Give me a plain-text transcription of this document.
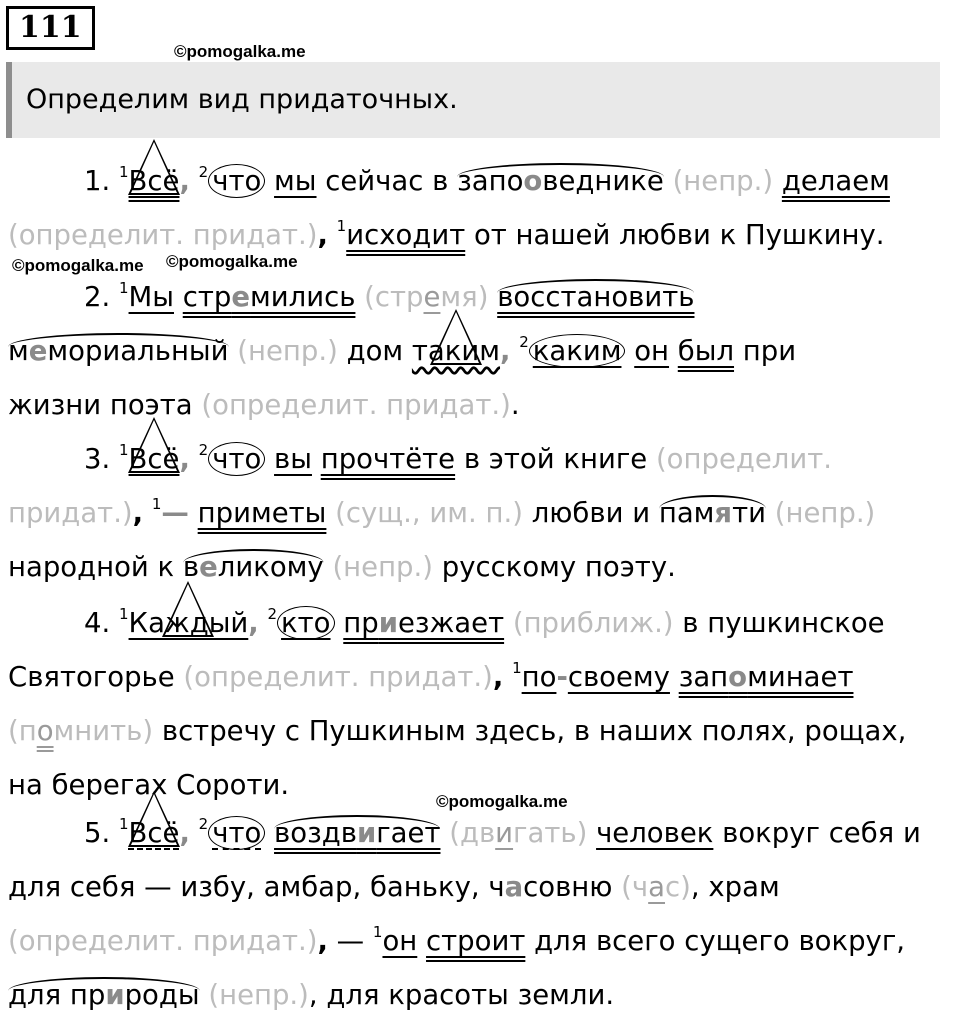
111
©pomogalka.me
Определим вид придаточных.

1. $^1$Всё, $^2$ что мы сейчас в запооведнике (непр.) делаем (определит. придат.), $^1$исходит от нашей любви к Пушкину.

©pomogalka.me ©pomogalka.me

2. $^1$Мы стремились (стремя) восстановить
мемориальный (непр.) дом таким, $^2$ каким он был при
жизни поэта (определит. придат.).

3. $^1$Всё, $^2$ что вы прочтёте в этой книге (определит.
придат.), $^1$— приметы (сущ., им. п.) любви и памяти (непр.)
народной к великому (непр.) русскому поэту.

4. $^1$Каждый, $^2$ кто приезжает (приближ.) в пушкинское
Святогорье (определит. придат.), $^1$по-своему запоминает
(помнить) встречу с Пушкиным здесь, в наших полях, рощах,
на берегах Сороти.

©pomogalka.me

5. $^1$Всё, $^2$ что воздвигает (двигать) человек вокруг себя и
для себя — избу, амбар, баньку, часовню (час), храм
(определит. придат.), — $^1$он строит для всего сущего вокруг,
для природы (непр.), для красоты земли.
